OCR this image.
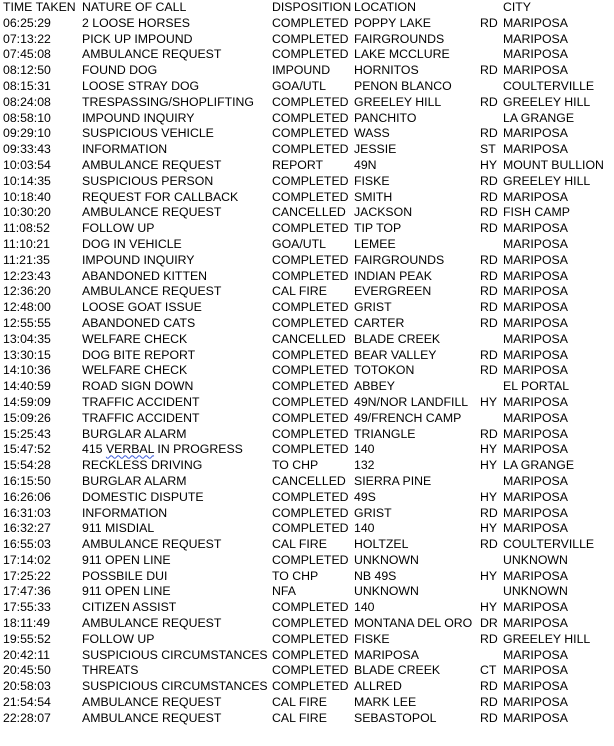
TIME TAKEN NATURE OF CALL	DISPOSITION LOCATION	CITY
06:25:29	2 LOOSE HORSES	COMPLETED POPPY LAKE	RD MARIPOSA
07:13:22	PICK UP IMPOUND	COMPLETED FAIRGROUNDS	MARIPOSA
07:45:08	AMBULANCE REQUEST	COMPLETED LAKE MCCLURE	MARIPOSA
08:12:50	FOUND DOG	IMPOUND HORNITOS	RD MARIPOSA
08:15:31	LOOSE STRAY DOG	GOA/UTL PENON BLANCO	COULTERVILLE
08:24:08	TRESPASSING/SHOPLIFTING COMPLETED GREELEY HILL	RD GREELEY HILL
08:58:10	IMPOUND INQUIRY	COMPLETED PANCHITO	LA GRANGE
09:29:10	SUSPICIOUS VEHICLE	COMPLETED WASS	RD MARIPOSA
09:33:43	INFORMATION	COMPLETED JESSIE	ST MARIPOSA
10:03:54	AMBULANCE REQUEST	REPORT	49N	HY MOUNT BULLION
10:14:35	SUSPICIOUS PERSON	COMPLETED FISKE	RD GREELEY HILL
10:18:40	REQUEST FOR CALLBACK	COMPLETED SMITH	RD MARIPOSA
10:30:20	AMBULANCE REQUEST	CANCELLED JACKSON	RD FISH CAMP
11:08:52	FOLLOW UP	COMPLETED TIP TOP	RD MARIPOSA
11:10:21	DOG IN VEHICLE	GOA/UTL LEMEE	MARIPOSA
11:21:35	IMPOUND INQUIRY	COMPLETED FAIRGROUNDS	RD MARIPOSA
12:23:43	ABANDONED KITTEN	COMPLETED INDIAN PEAK	RD MARIPOSA
12:36:20	AMBULANCE REQUEST	CAL FIRE EVERGREEN	RD MARIPOSA
12:48:00	LOOSE GOAT ISSUE	COMPLETED GRIST	RD MARIPOSA
12:55:55	ABANDONED CATS	COMPLETED CARTER	RD MARIPOSA
13:04:35	WELFARE CHECK	CANCELLED BLADE CREEK	MARIPOSA
13:30:15	DOG BITE REPORT	COMPLETED BEAR VALLEY	RD MARIPOSA
14:10:36	WELFARE CHECK	COMPLETED TOTOKON	RD MARIPOSA
14:40:59	ROAD SIGN DOWN	COMPLETED ABBEY	EL PORTAL
14:59:09	TRAFFIC ACCIDENT	COMPLETED 49N/NOR LANDFILL HY MARIPOSA
15:09:26	TRAFFIC ACCIDENT	COMPLETED 49/FRENCH CAMP	MARIPOSA
15:25:43	BURGLAR ALARM	COMPLETED TRIANGLE	RD MARIPOSA
15:47:52	415 VERBAL IN PROGRESS COMPLETED 140	HY MARIPOSA
15:54:28	RECKLESS DRIVING	TO CHP	132	HY LA GRANGE
16:15:50	BURGLAR ALARM	CANCELLED SIERRA PINE	MARIPOSA
16:26:06	DOMESTIC DISPUTE	COMPLETED 49S	HY MARIPOSA
16:31:03	INFORMATION	COMPLETED GRIST	RD MARIPOSA
16:32:27	911 MISDIAL	COMPLETED 140	HY MARIPOSA
16:55:03	AMBULANCE REQUEST	CAL FIRE HOLTZEL	RD COULTERVILLE
17:14:02	911 OPEN LINE	COMPLETED UNKNOWN	UNKNOWN
17:25:22	POSSBILE DUI	TO CHP	NB 49S	HY MARIPOSA
17:47:36	911 OPEN LINE	NFA	UNKNOWN	UNKNOWN
17:55:33	CITIZEN ASSIST	COMPLETED 140	HY MARIPOSA
18:11:49	AMBULANCE REQUEST	COMPLETED MONTANA DEL ORO DR MARIPOSA
19:55:52	FOLLOW UP	COMPLETED FISKE	RD GREELEY HILL
20:42:11	SUSPICIOUS CIRCUMSTANCES COMPLETED MARIPOSA	MARIPOSA
20:45:50	THREATS	COMPLETED BLADE CREEK	CT MARIPOSA
20:58:03	SUSPICIOUS CIRCUMSTANCES COMPLETED ALLRED	RD MARIPOSA
21:54:54	AMBULANCE REQUEST	CAL FIRE MARK LEE	RD MARIPOSA
22:28:07	AMBULANCE REQUEST	CAL FIRE SEBASTOPOL	RD MARIPOSA
